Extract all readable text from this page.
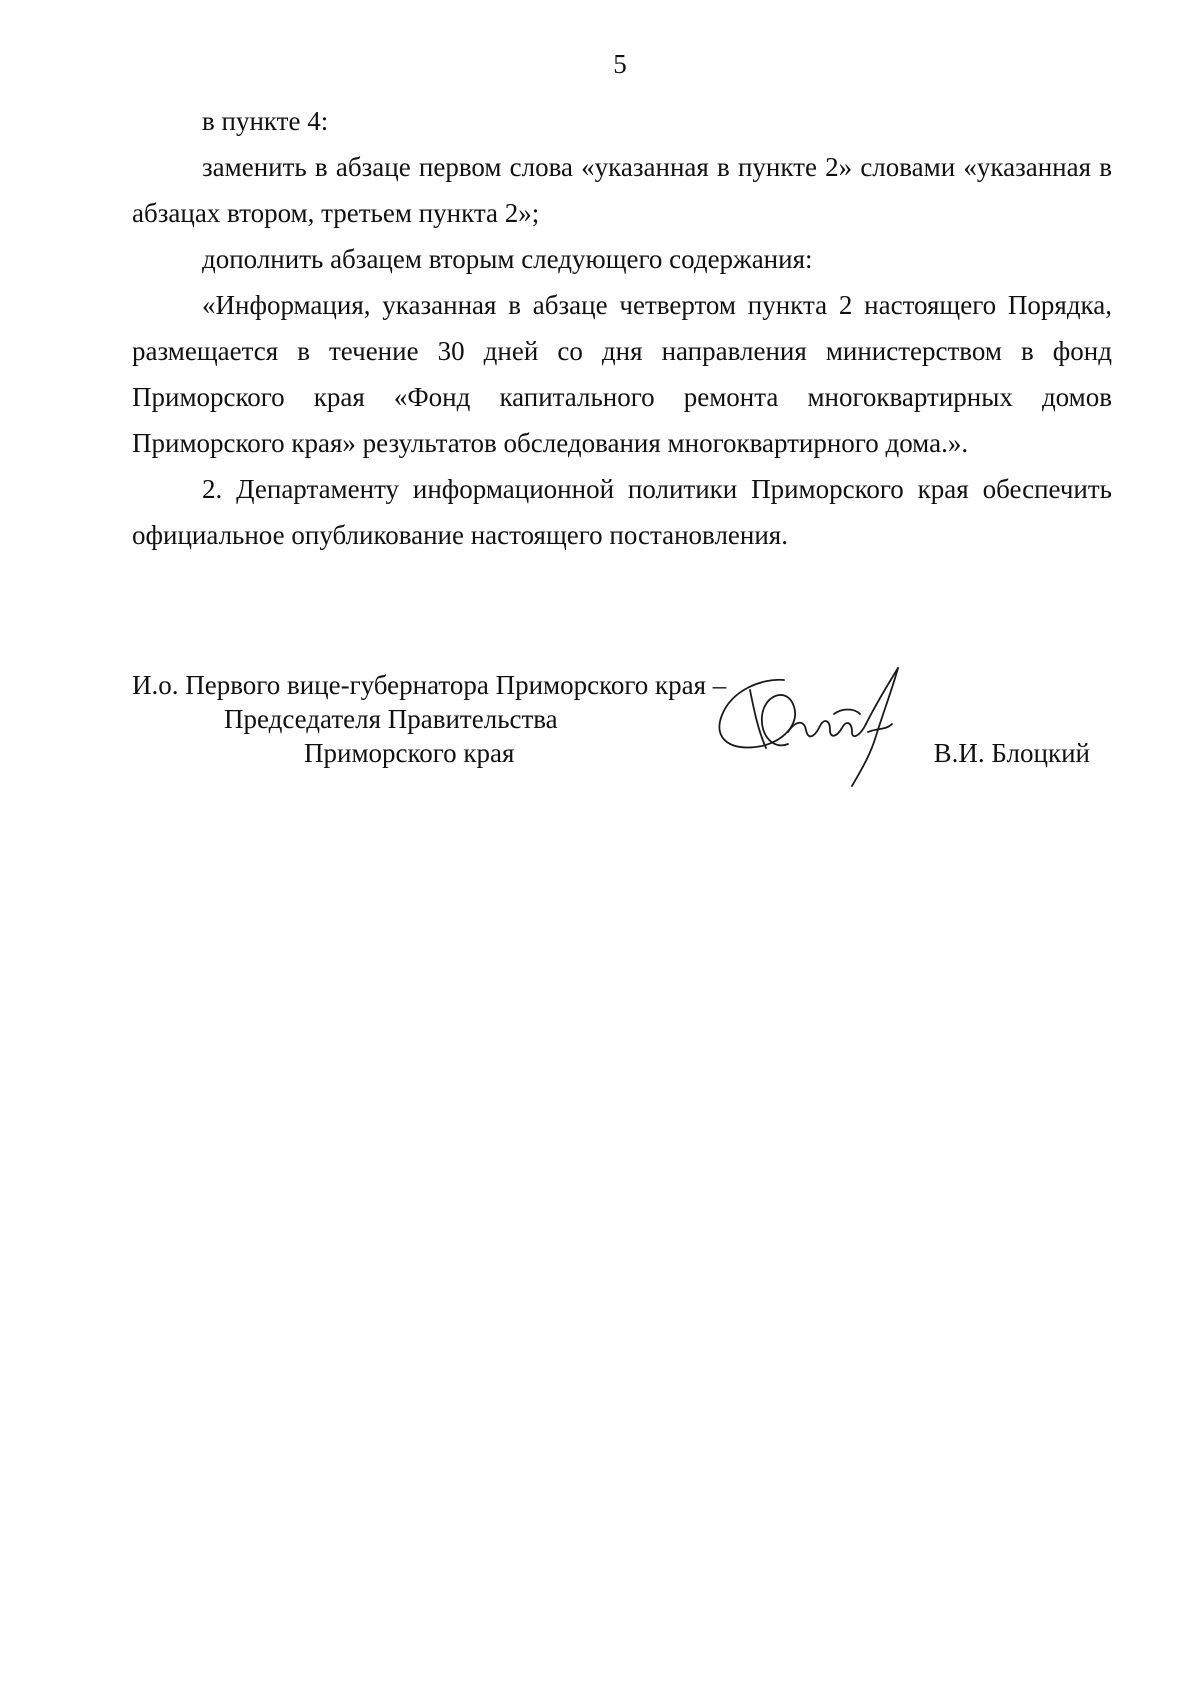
5

в пункте 4:

заменить в абзаце первом слова «указанная в пункте 2» словами «указанная в абзацах втором, третьем пункта 2»;

дополнить абзацем вторым следующего содержания:

«Информация, указанная в абзаце четвертом пункта 2 настоящего Порядка, размещается в течение 30 дней со дня направления министерством в фонд Приморского края «Фонд капитального ремонта многоквартирных домов Приморского края» результатов обследования многоквартирного дома.».

2. Департаменту информационной политики Приморского края обеспечить официальное опубликование настоящего постановления.

И.о. Первого вице-губернатора Приморского края –
Председателя Правительства
Приморского края	В.И. Блоцкий
